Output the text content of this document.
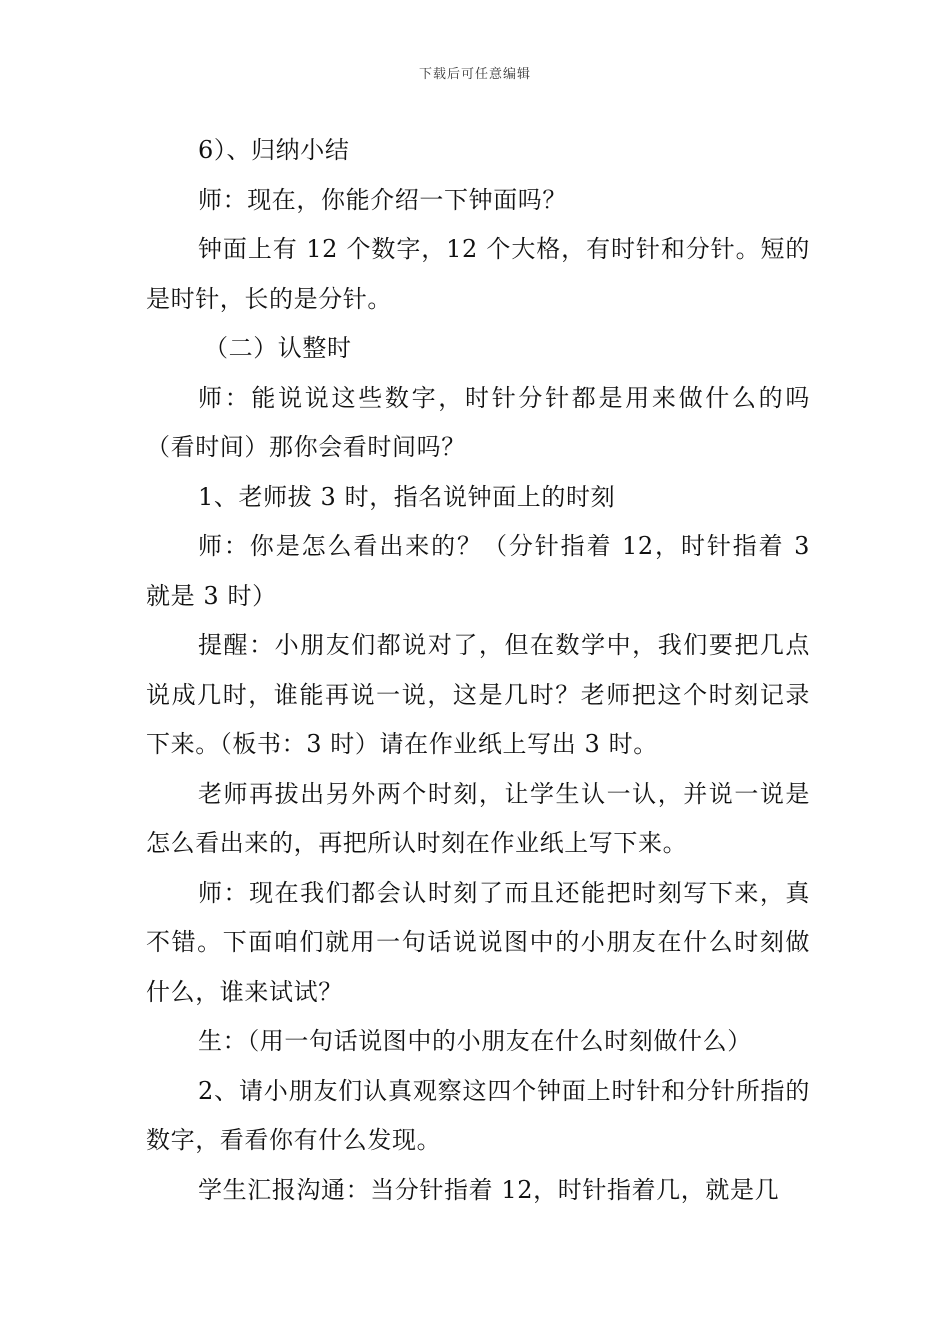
下载后可任意编辑

6）、归纳小结

师：现在，你能介绍一下钟面吗？

钟面上有 12 个数字，12 个大格，有时针和分针。短的是时针，长的是分针。

（二）认整时

师：能说说这些数字，时针分针都是用来做什么的吗（看时间）那你会看时间吗？

1、老师拔 3 时，指名说钟面上的时刻

师：你是怎么看出来的？（分针指着 12，时针指着 3 就是 3 时）

提醒：小朋友们都说对了，但在数学中，我们要把几点说成几时，谁能再说一说，这是几时？老师把这个时刻记录下来。（板书：3 时）请在作业纸上写出 3 时。

老师再拔出另外两个时刻，让学生认一认，并说一说是怎么看出来的，再把所认时刻在作业纸上写下来。

师：现在我们都会认时刻了而且还能把时刻写下来，真不错。下面咱们就用一句话说说图中的小朋友在什么时刻做什么，谁来试试？

生：（用一句话说图中的小朋友在什么时刻做什么）

2、请小朋友们认真观察这四个钟面上时针和分针所指的数字，看看你有什么发现。

学生汇报沟通：当分针指着 12，时针指着几，就是几
